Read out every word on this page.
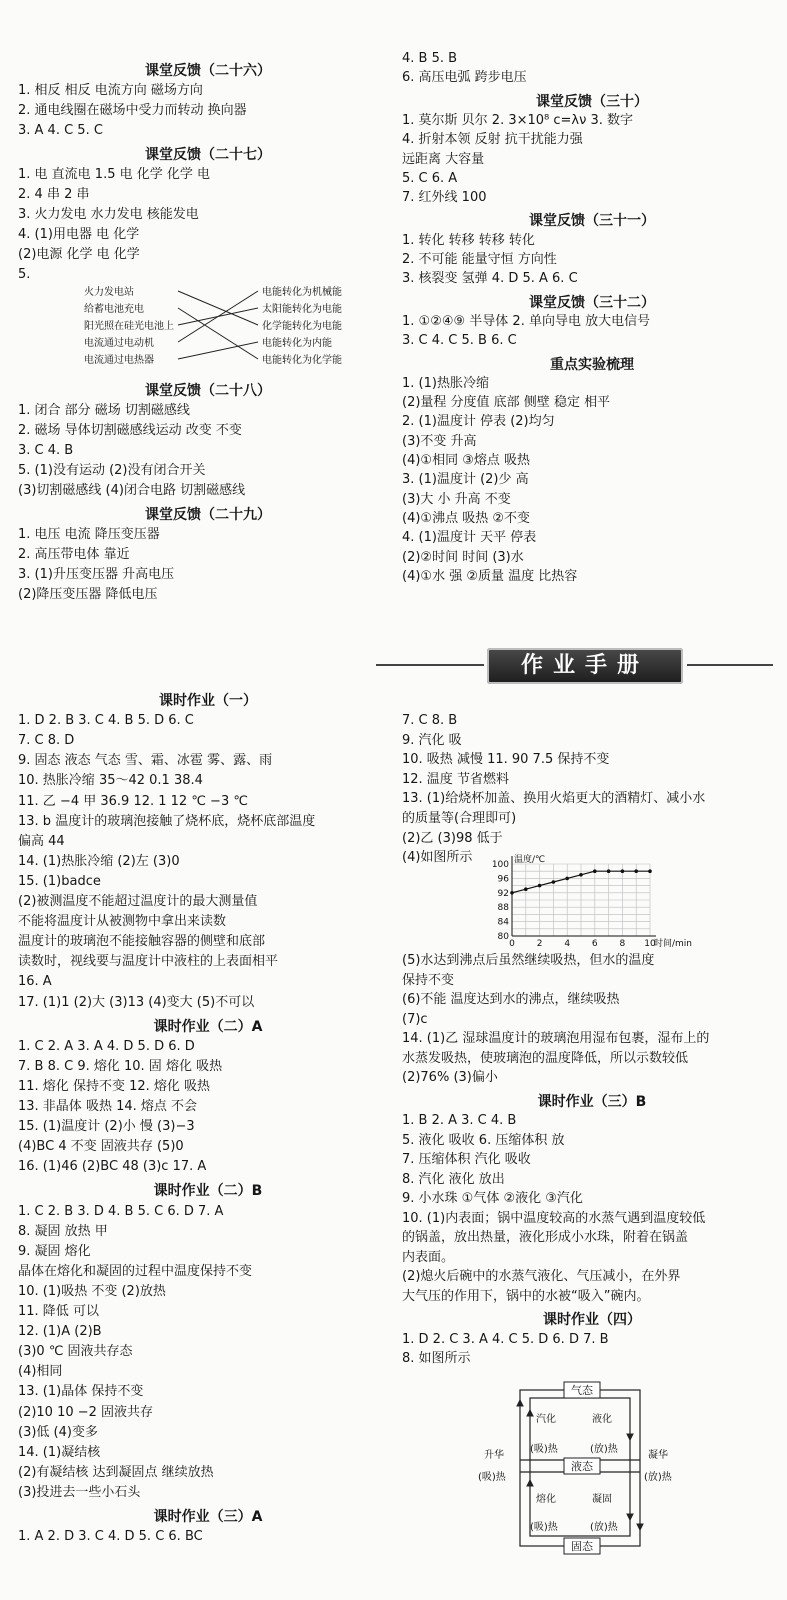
课堂反馈（二十六）
1. 相反 相反 电流方向 磁场方向
2. 通电线圈在磁场中受力而转动 换向器
3. A 4. C 5. C
课堂反馈（二十七）
1. 电 直流电 1.5 电 化学 化学 电
2. 4 串 2 串
3. 火力发电 水力发电 核能发电
4. (1)用电器 电 化学
(2)电源 化学 电 化学
5.
课堂反馈（二十八）
1. 闭合 部分 磁场 切割磁感线
2. 磁场 导体切割磁感线运动 改变 不变
3. C 4. B
5. (1)没有运动 (2)没有闭合开关
(3)切割磁感线 (4)闭合电路 切割磁感线
课堂反馈（二十九）
1. 电压 电流 降压变压器
2. 高压带电体 靠近
3. (1)升压变压器 升高电压
(2)降压变压器 降低电压
4. B 5. B
6. 高压电弧 跨步电压
课堂反馈（三十）
1. 莫尔斯 贝尔 2. 3×10⁸ c=λν 3. 数字
4. 折射本领 反射 抗干扰能力强
远距离 大容量
5. C 6. A
7. 红外线 100
课堂反馈（三十一）
1. 转化 转移 转移 转化
2. 不可能 能量守恒 方向性
3. 核裂变 氢弹 4. D 5. A 6. C
课堂反馈（三十二）
1. ①②④⑨ 半导体 2. 单向导电 放大电信号
3. C 4. C 5. B 6. C
重点实验梳理
1. (1)热胀冷缩
(2)量程 分度值 底部 侧壁 稳定 相平
2. (1)温度计 停表 (2)均匀
(3)不变 升高
(4)①相同 ③熔点 吸热
3. (1)温度计 (2)少 高
(3)大 小 升高 不变
(4)①沸点 吸热 ②不变
4. (1)温度计 天平 停表
(2)②时间 时间 (3)水
(4)①水 强 ②质量 温度 比热容
课时作业（一）
1. D 2. B 3. C 4. B 5. D 6. C
7. C 8. D
9. 固态 液态 气态 雪、霜、冰雹 雾、露、雨
10. 热胀冷缩 35～42 0.1 38.4
11. 乙 −4 甲 36.9 12. 1 12 ℃ −3 ℃
13. b 温度计的玻璃泡接触了烧杯底，烧杯底部温度
偏高 44
14. (1)热胀冷缩 (2)左 (3)0
15. (1)badce
(2)被测温度不能超过温度计的最大测量值
不能将温度计从被测物中拿出来读数
温度计的玻璃泡不能接触容器的侧壁和底部
读数时，视线要与温度计中液柱的上表面相平
16. A
17. (1)1 (2)大 (3)13 (4)变大 (5)不可以
课时作业（二）A
1. C 2. A 3. A 4. D 5. D 6. D
7. B 8. C 9. 熔化 10. 固 熔化 吸热
11. 熔化 保持不变 12. 熔化 吸热
13. 非晶体 吸热 14. 熔点 不会
15. (1)温度计 (2)小 慢 (3)−3
(4)BC 4 不变 固液共存 (5)0
16. (1)46 (2)BC 48 (3)c 17. A
课时作业（二）B
1. C 2. B 3. D 4. B 5. C 6. D 7. A
8. 凝固 放热 甲
9. 凝固 熔化
晶体在熔化和凝固的过程中温度保持不变
10. (1)吸热 不变 (2)放热
11. 降低 可以
12. (1)A (2)B
(3)0 ℃ 固液共存态
(4)相同
13. (1)晶体 保持不变
(2)10 10 −2 固液共存
(3)低 (4)变多
14. (1)凝结核
(2)有凝结核 达到凝固点 继续放热
(3)投进去一些小石头
课时作业（三）A
1. A 2. D 3. C 4. D 5. C 6. BC
7. C 8. B
9. 汽化 吸
10. 吸热 减慢 11. 90 7.5 保持不变
12. 温度 节省燃料
13. (1)给烧杯加盖、换用火焰更大的酒精灯、减小水
的质量等(合理即可)
(2)乙 (3)98 低于
(4)如图所示
(5)水达到沸点后虽然继续吸热，但水的温度
保持不变
(6)不能 温度达到水的沸点，继续吸热
(7)c
14. (1)乙 湿球温度计的玻璃泡用湿布包裹，湿布上的
水蒸发吸热，使玻璃泡的温度降低，所以示数较低
(2)76% (3)偏小
课时作业（三）B
1. B 2. A 3. C 4. B
5. 液化 吸收 6. 压缩体积 放
7. 压缩体积 汽化 吸收
8. 汽化 液化 放出
9. 小水珠 ①气体 ②液化 ③汽化
10. (1)内表面；锅中温度较高的水蒸气遇到温度较低
的锅盖，放出热量，液化形成小水珠，附着在锅盖
内表面。
(2)熄火后碗中的水蒸气液化、气压减小，在外界
大气压的作用下，锅中的水被“吸入”碗内。
课时作业（四）
1. D 2. C 3. A 4. C 5. D 6. D 7. B
8. 如图所示
火力发电站
给蓄电池充电
阳光照在硅光电池上
电流通过电动机
电流通过电热器
电能转化为机械能
太阳能转化为电能
化学能转化为电能
电能转化为内能
电能转化为化学能
作业手册
80
84
88
92
96
100
0 2 4 6 8 10
温度/℃
时间/min
气态
液态
固态
汽化
(吸)热
液化
(放)热
熔化
(吸)热
凝固
(放)热
升华
(吸)热
凝华
(放)热
